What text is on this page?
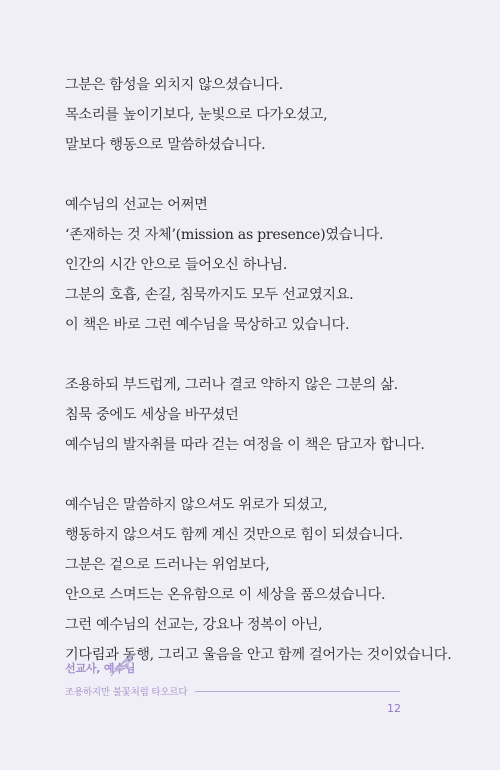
그분은 함성을 외치지 않으셨습니다.
목소리를 높이기보다, 눈빛으로 다가오셨고,
말보다 행동으로 말씀하셨습니다.
예수님의 선교는 어쩌면
‘존재하는 것 자체’(mission as presence)였습니다.
인간의 시간 안으로 들어오신 하나님.
그분의 호흡, 손길, 침묵까지도 모두 선교였지요.
이 책은 바로 그런 예수님을 묵상하고 있습니다.
조용하되 부드럽게, 그러나 결코 약하지 않은 그분의 삶.
침묵 중에도 세상을 바꾸셨던
예수님의 발자취를 따라 걷는 여정을 이 책은 담고자 합니다.
예수님은 말씀하지 않으셔도 위로가 되셨고,
행동하지 않으셔도 함께 계신 것만으로 힘이 되셨습니다.
그분은 겉으로 드러나는 위엄보다,
안으로 스며드는 온유함으로 이 세상을 품으셨습니다.
그런 예수님의 선교는, 강요나 정복이 아닌,
기다림과 동행, 그리고 울음을 안고 함께 걸어가는 것이었습니다.
선교사, 예수님
조용하지만 불꽃처럼 타오르다
12
